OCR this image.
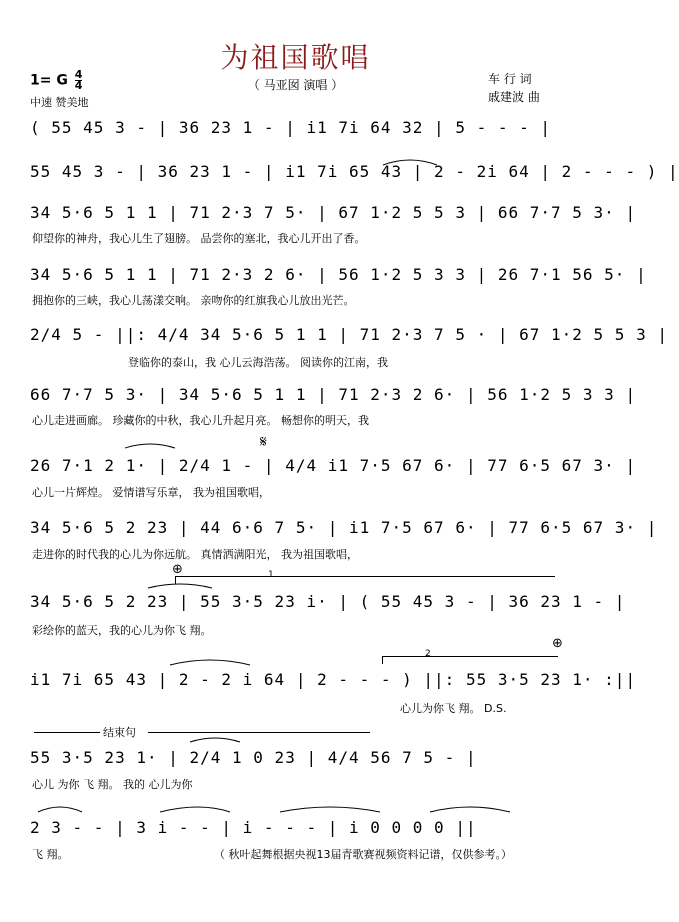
为祖国歌唱
（ 马亚囡 演唱 ）	车 行 词
戚建波 曲
1= G $\frac{4}{4}$
中速 赞美地
( 55 45 3 - | 36 23 1 - | i1 7i 64 32 | 5 - - - |
55 45 3 - | 36 23 1 - | i1 7i 65 43 | 2 - 2i 64 | 2 - - - ) |
34 5·6 5 1 1 | 71 2·3 7 5· | 67 1·2 5 5 3 | 66 7·7 5 3· |
仰望你的神舟，我心儿生了翅膀。 品尝你的塞北，我心儿开出了香。
34 5·6 5 1 1 | 71 2·3 2 6· | 56 1·2 5 3 3 | 26 7·1 56 5· |
拥抱你的三峡，我心儿荡漾交响。 亲吻你的红旗我心儿放出光芒。
2/4 5 - ||: 4/4 34 5·6 5 1 1 | 71 2·3 7 5 · | 67 1·2 5 5 3 |
登临你的泰山，我 心儿云海浩荡。 阅读你的江南，我
66 7·7 5 3· | 34 5·6 5 1 1 | 71 2·3 2 6· | 56 1·2 5 3 3 |
心儿走进画廊。 珍藏你的中秋，我心儿升起月亮。 畅想你的明天，我
𝄋
26 7·1 2 1· | 2/4 1 - | 4/4 i1 7·5 67 6· | 77 6·5 67 3· |
心儿一片辉煌。 爱情谱写乐章， 我为祖国歌唱，
34 5·6 5 2 23 | 44 6·6 7 5· | i1 7·5 67 6· | 77 6·5 67 3· |
走进你的时代我的心儿为你远航。 真情洒满阳光， 我为祖国歌唱，
⊕	1
34 5·6 5 2 23 | 55 3·5 23 i· | ( 55 45 3 - | 36 23 1 - |
彩绘你的蓝天，我的心儿为你飞 翔。
⊕
2
i1 7i 65 43 | 2 - 2 i 64 | 2 - - - ) ||: 55 3·5 23 1· :||
心儿为你飞 翔。 D.S.
结束句
55 3·5 23 1· | 2/4 1 0 23 | 4/4 56 7 5 - |
心儿 为你 飞 翔。 我的 心儿为你
2 3 - - | 3 i - - | i - - - | i 0 0 0 0 ||
飞 翔。	（ 秋叶起舞根据央视13届青歌赛视频资料记谱，仅供参考。）
